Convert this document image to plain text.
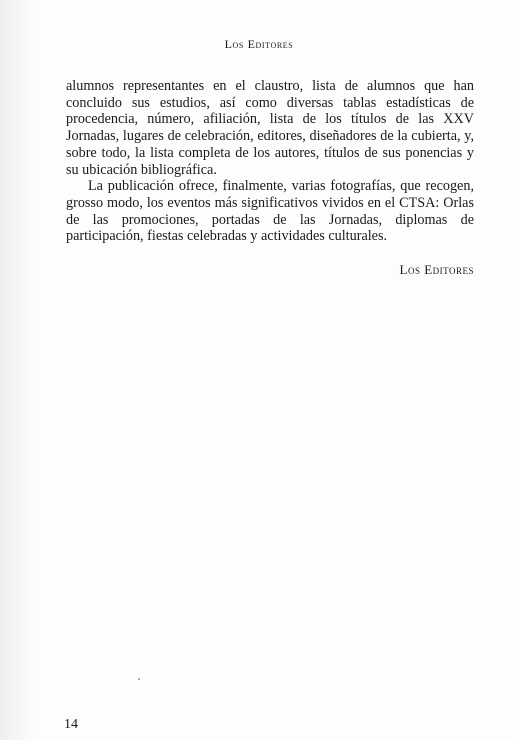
Los Editores

alumnos representantes en el claustro, lista de alumnos que han concluido sus estudios, así como diversas tablas estadísticas de procedencia, número, afiliación, lista de los títulos de las XXV Jornadas, lugares de celebración, editores, diseñadores de la cubierta, y, sobre todo, la lista completa de los autores, títulos de sus ponencias y su ubicación bibliográfica.

La publicación ofrece, finalmente, varias fotografías, que recogen, grosso modo, los eventos más significativos vividos en el CTSA: Orlas de las promociones, portadas de las Jornadas, diplomas de participación, fiestas celebradas y actividades culturales.

Los Editores
14
